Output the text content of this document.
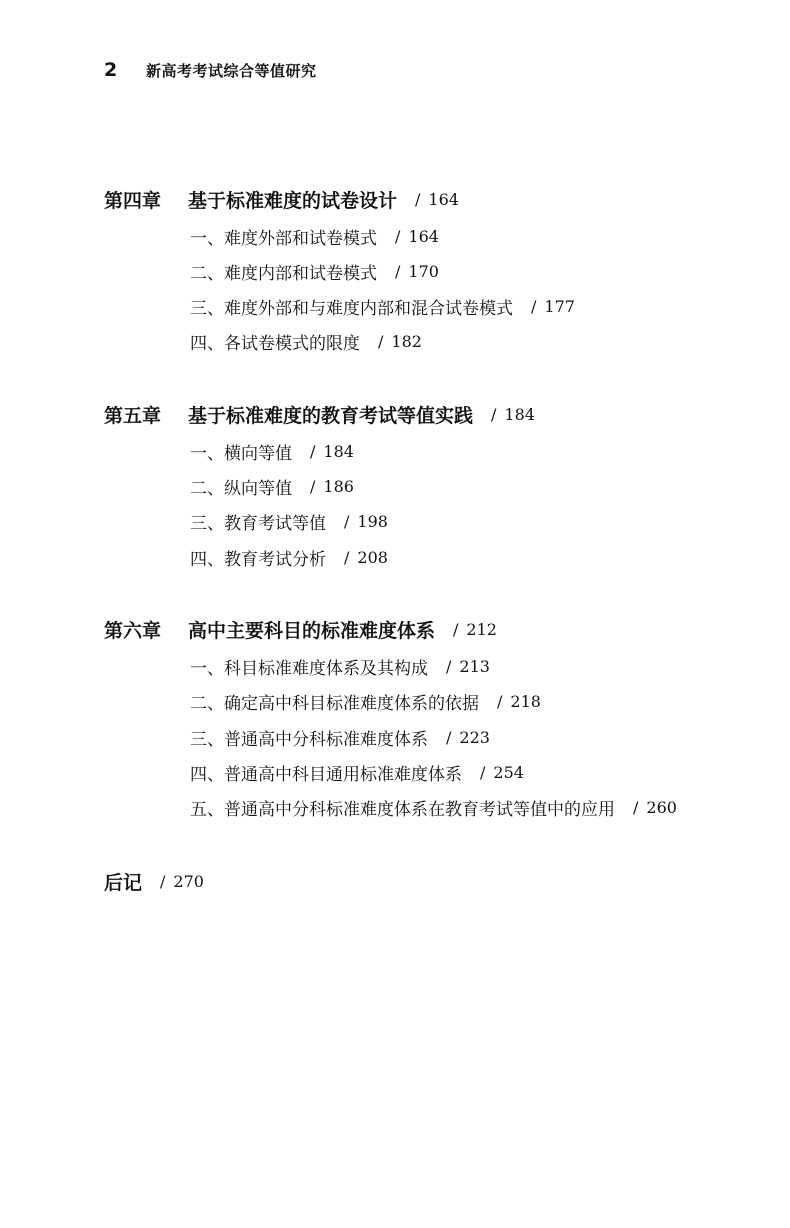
2	新高考考试综合等值研究
第四章	基于标准难度的试卷设计 / 164
一、难度外部和试卷模式 / 164
二、难度内部和试卷模式 / 170
三、难度外部和与难度内部和混合试卷模式 / 177
四、各试卷模式的限度 / 182
第五章	基于标准难度的教育考试等值实践 / 184
一、横向等值 / 184
二、纵向等值 / 186
三、教育考试等值 / 198
四、教育考试分析 / 208
第六章	高中主要科目的标准难度体系 / 212
一、科目标准难度体系及其构成 / 213
二、确定高中科目标准难度体系的依据 / 218
三、普通高中分科标准难度体系 / 223
四、普通高中科目通用标准难度体系 / 254
五、普通高中分科标准难度体系在教育考试等值中的应用 / 260
后记 / 270
